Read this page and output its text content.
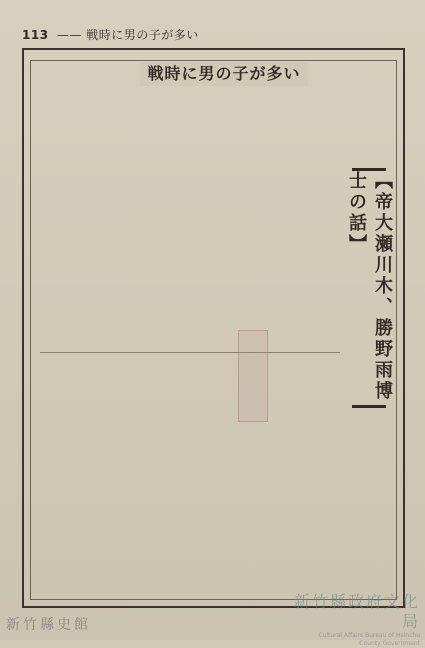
113 —— 戦時に男の子が多い
戦時に男の子が多い
【帝大瀬川木、勝野雨博士の話】
新竹縣政府文化局
Cultural Affairs Bureau of Hsinchu
County Government
新竹縣史館
